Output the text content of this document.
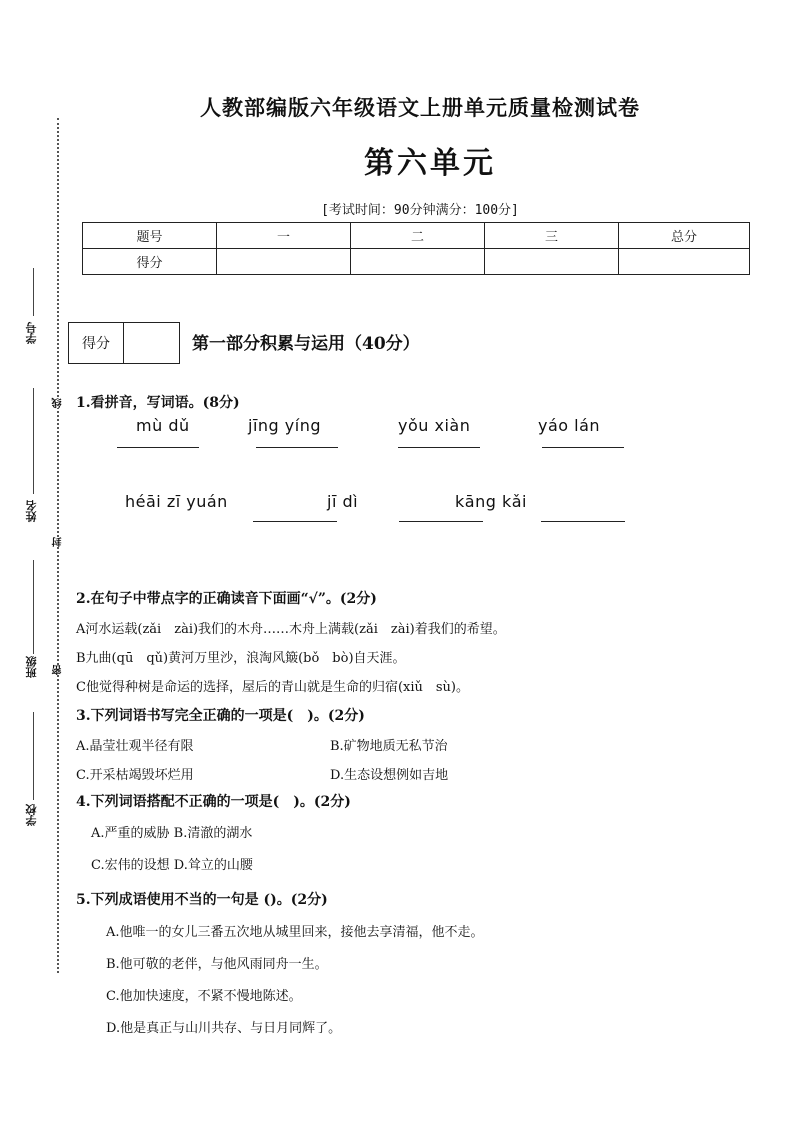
人教部编版六年级语文上册单元质量检测试卷
第六单元
[考试时间：90分钟满分：100分]
题号	一	二	三	总分
得分				
学号
姓名
班级
学校
线
封
密
得分	第一部分积累与运用（40分）
1.看拼音，写词语。(8分)
mù dǔ	jīng yíng	yǒu xiàn	yáo lán
héāi zī yuán	jī dì	kāng kǎi
2.在句子中带点字的正确读音下面画“√”。(2分)
A河水运载(zǎi　zài)我们的木舟……木舟上满载(zǎi　zài)着我们的希望。
B九曲(qū　qǔ)黄河万里沙，浪淘风簸(bǒ　bò)自天涯。
C他觉得种树是命运的选择，屋后的青山就是生命的归宿(xiǔ　sù)。
3.下列词语书写完全正确的一项是(　)。(2分)
A.晶莹壮观半径有限	B.矿物地质无私节治
C.开采枯竭毁坏烂用	D.生态设想例如吉地
4.下列词语搭配不正确的一项是(　)。(2分)
A.严重的威胁 B.清澈的湖水
C.宏伟的设想 D.耸立的山腰
5.下列成语使用不当的一句是 ()。(2分)
A.他唯一的女儿三番五次地从城里回来，接他去享清福，他不走。
B.他可敬的老伴，与他风雨同舟一生。
C.他加快速度，不紧不慢地陈述。
D.他是真正与山川共存、与日月同辉了。
